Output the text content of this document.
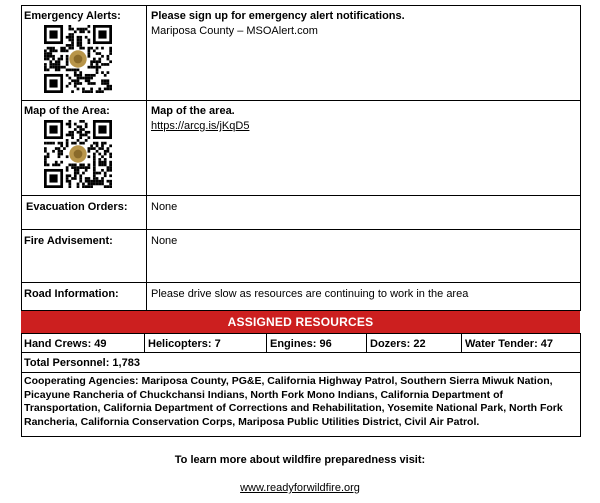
Emergency Alerts:	Please sign up for emergency alert notifications.
Mariposa County – MSOAlert.com
Map of the Area:	Map of the area.
https://arcg.is/jKqD5
Evacuation Orders: None
Fire Advisement:	None
Road Information:	Please drive slow as resources are continuing to work in the area
ASSIGNED RESOURCES
Hand Crews: 49	Helicopters: 7	Engines: 96	Dozers: 22	Water Tender: 47
Total Personnel: 1,783
Cooperating Agencies: Mariposa County, PG&E, California Highway Patrol, Southern Sierra Miwuk Nation, Picayune Rancheria of Chuckchansi Indians, North Fork Mono Indians, California Department of Transportation, California Department of Corrections and Rehabilitation, Yosemite National Park, North Fork Rancheria, California Conservation Corps, Mariposa Public Utilities District, Civil Air Patrol.
To learn more about wildfire preparedness visit:
www.readyforwildfire.org
